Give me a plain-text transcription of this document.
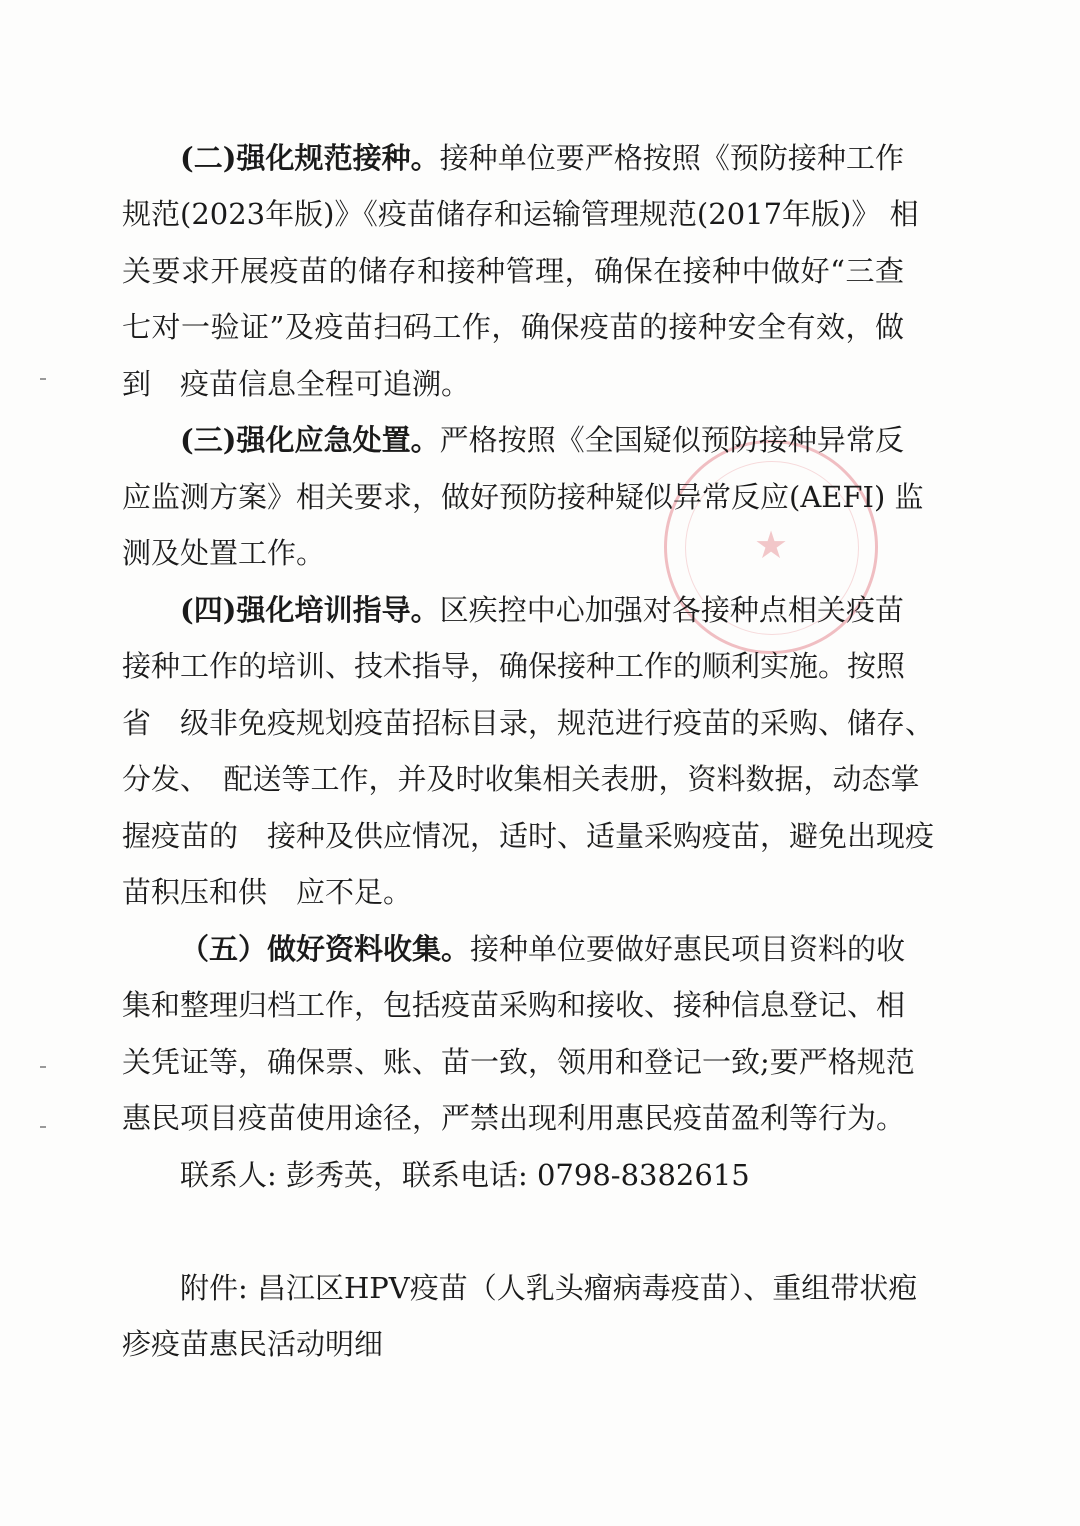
★
(二)强化规范接种。接种单位要严格按照《预防接种工作
规范(2023年版)》《疫苗储存和运输管理规范(2017年版)》 相
关要求开展疫苗的储存和接种管理，确保在接种中做好“三查
七对一验证”及疫苗扫码工作，确保疫苗的接种安全有效，做
到　疫苗信息全程可追溯。
(三)强化应急处置。严格按照《全国疑似预防接种异常反
应监测方案》相关要求，做好预防接种疑似异常反应(AEFI) 监
测及处置工作。
(四)强化培训指导。区疾控中心加强对各接种点相关疫苗
接种工作的培训、技术指导，确保接种工作的顺利实施。按照
省　级非免疫规划疫苗招标目录，规范进行疫苗的采购、储存、
分发、　配送等工作，并及时收集相关表册，资料数据，动态掌
握疫苗的　接种及供应情况，适时、适量采购疫苗，避免出现疫
苗积压和供　应不足。
（五）做好资料收集。接种单位要做好惠民项目资料的收
集和整理归档工作，包括疫苗采购和接收、接种信息登记、相
关凭证等，确保票、账、苗一致，领用和登记一致;要严格规范
惠民项目疫苗使用途径，严禁出现利用惠民疫苗盈利等行为。
联系人: 彭秀英，联系电话: 0798-8382615
附件: 昌江区HPV疫苗（人乳头瘤病毒疫苗）、重组带状疱
疹疫苗惠民活动明细
